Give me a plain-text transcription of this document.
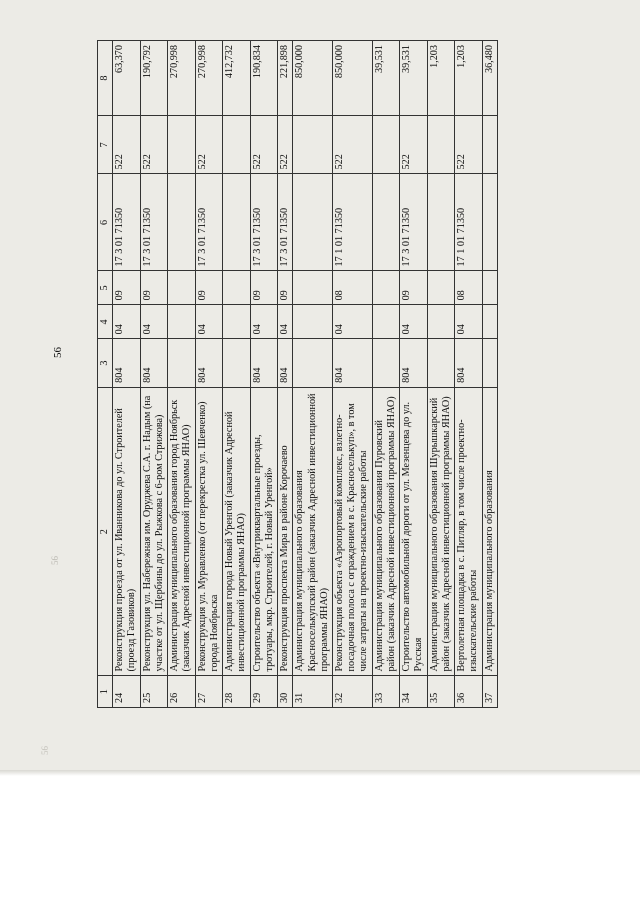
56
56
56
1	2	3	4	5	6	7	8
24	Реконструкция проезда от ул. Иванникова до ул. Строителей (проезд Газовиков)	804	04	09	17 3 01 71350	522	63,370
25	Реконструкция ул. Набережная им. Оруджева С.А. г. Надым (на участке от ул. Щербины до ул. Рыжкова с 6-ром Стрижова)	804	04	09	17 3 01 71350	522	190,792
26	Администрация муниципального образования город Ноябрьск (заказчик Адресной инвестиционной программы ЯНАО)						270,998
27	Реконструкция ул. Муравленко (от перекрестка ул. Шевченко) города Ноябрьска	804	04	09	17 3 01 71350	522	270,998
28	Администрация города Новый Уренгой (заказчик Адресной инвестиционной программы ЯНАО)						412,732
29	Строительство объекта «Внутриквартальные проезды, тротуары, мкр. Строителей, г. Новый Уренгой»	804	04	09	17 3 01 71350	522	190,834
30	Реконструкция проспекта Мира в районе Корочаево	804	04	09	17 3 01 71350	522	221,898
31	Администрация муниципального образования Красноселькупский район (заказчик Адресной инвестиционной программы ЯНАО)						850,000
32	Реконструкция объекта «Аэропортовый комплекс, взлетно-посадочная полоса с ограждением в с. Красноселькуп», в том числе затраты на проектно-изыскательские работы	804	04	08	17 1 01 71350	522	850,000
33	Администрация муниципального образования Пуровский район (заказчик Адресной инвестиционной программы ЯНАО)						39,531
34	Строительство автомобильной дороги от ул. Мезенцева до ул. Русская	804	04	09	17 3 01 71350	522	39,531
35	Администрация муниципального образования Шурышкарский район (заказчик Адресной инвестиционной программы ЯНАО)						1,203
36	Вертолетная площадка в с. Питляр, в том числе проектно-изыскательские работы	804	04	08	17 1 01 71350	522	1,203
37	Администрация муниципального образования						36,480
